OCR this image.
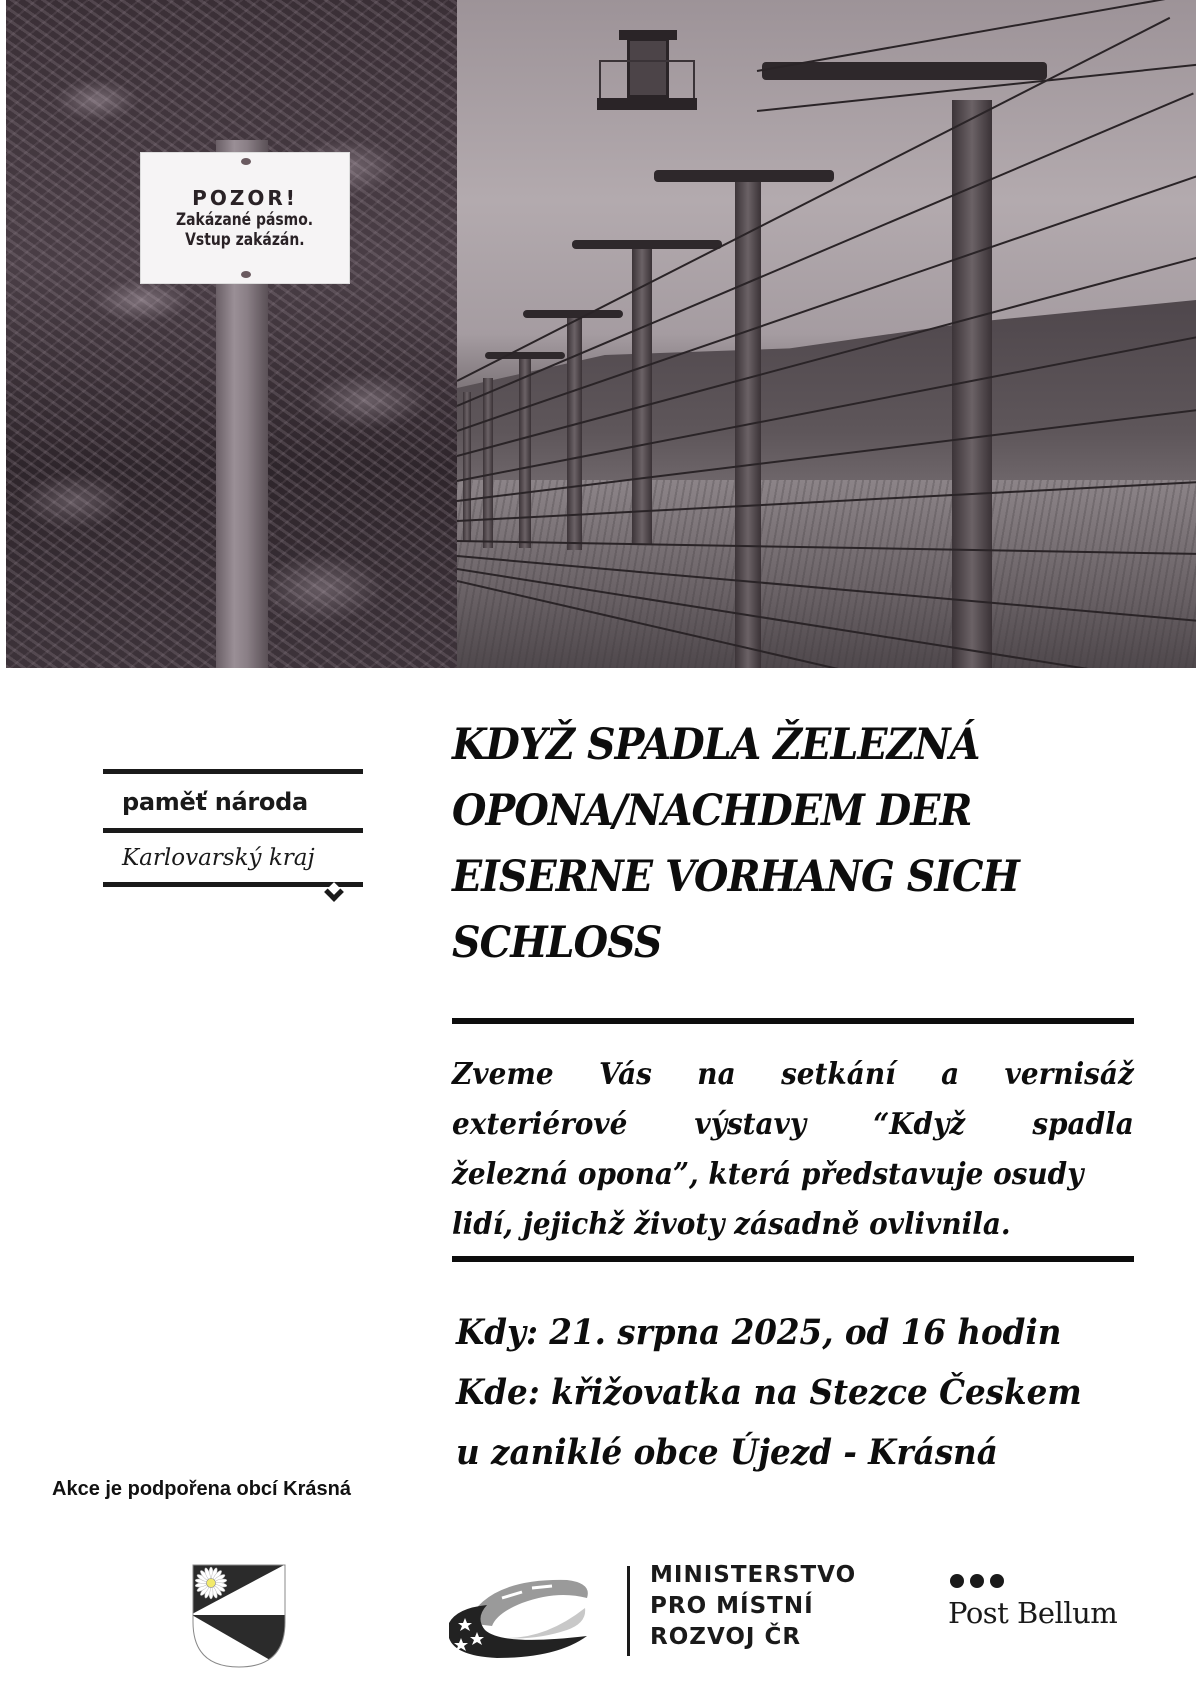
POZOR!
Zakázané pásmo.
Vstup zakázán.
paměť národa
Karlovarský kraj
KDYŽ SPADLA ŽELEZNÁ
OPONA/NACHDEM DER
EISERNE VORHANG SICH
SCHLOSS
Zveme Vás na setkání a vernisáž
exteriérové výstavy “Když spadla
železná opona”, která představuje osudy
lidí, jejichž životy zásadně ovlivnila.
Kdy: 21. srpna 2025, od 16 hodin
Kde: křižovatka na Stezce Českem
u zaniklé obce Újezd - Krásná
Akce je podpořena obcí Krásná
MINISTERSTVO
PRO MÍSTNÍ
ROZVOJ ČR
Post Bellum
